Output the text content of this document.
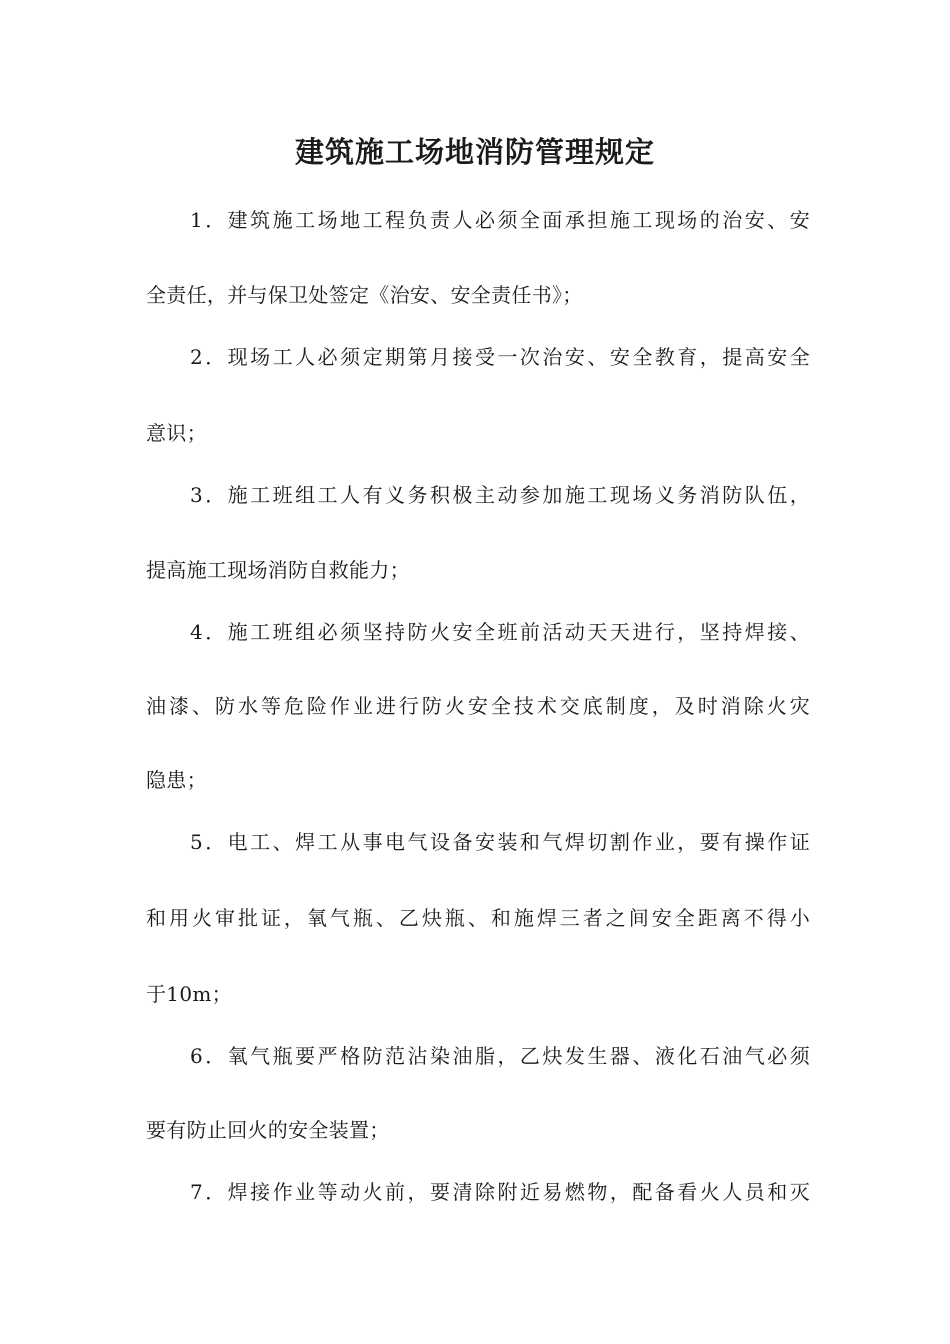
建筑施工场地消防管理规定
1．建筑施工场地工程负责人必须全面承担施工现场的治安、安
全责任，并与保卫处签定《治安、安全责任书》；
2．现场工人必须定期第月接受一次治安、安全教育，提高安全
意识；
3．施工班组工人有义务积极主动参加施工现场义务消防队伍，
提高施工现场消防自救能力；
4．施工班组必须坚持防火安全班前活动天天进行，坚持焊接、
油漆、防水等危险作业进行防火安全技术交底制度，及时消除火灾
隐患；
5．电工、焊工从事电气设备安装和气焊切割作业，要有操作证
和用火审批证，氧气瓶、乙炔瓶、和施焊三者之间安全距离不得小
于10m；
6．氧气瓶要严格防范沾染油脂，乙炔发生器、液化石油气必须
要有防止回火的安全装置；
7．焊接作业等动火前，要清除附近易燃物，配备看火人员和灭
